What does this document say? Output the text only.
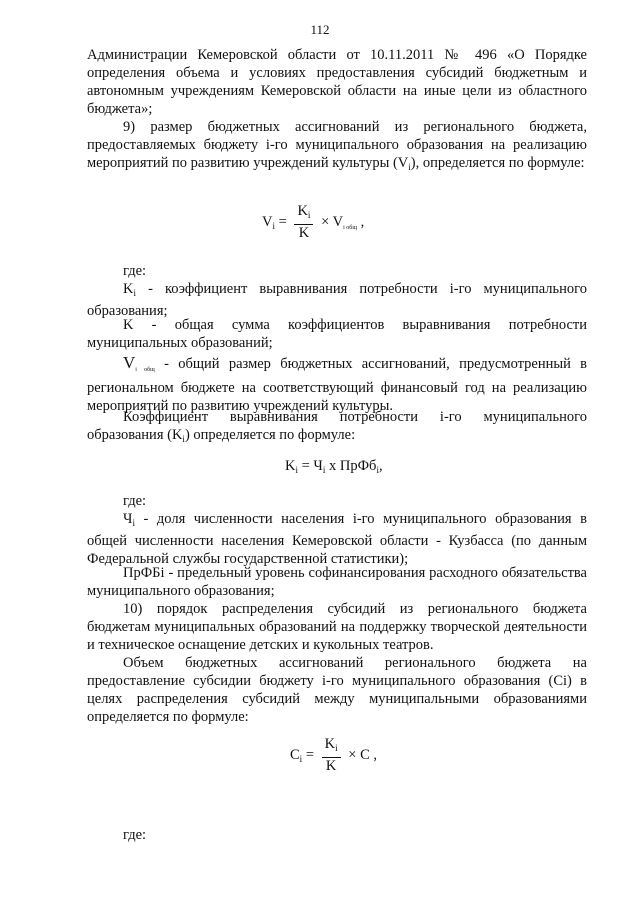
112

Администрации Кемеровской области от 10.11.2011 № 496 «О Порядке определения объема и условиях предоставления субсидий бюджетным и автономным учреждениям Кемеровской области на иные цели из областного бюджета»;

9) размер бюджетных ассигнований из регионального бюджета, предоставляемых бюджету i-го муниципального образования на реализацию мероприятий по развитию учреждений культуры $(V_i)$, определяется по формуле:

$V_i = \frac{K_i}{K} \times V_{i общ}$ ,
где:

$K_i$ - коэффициент выравнивания потребности i-го муниципального образования;

K - общая сумма коэффициентов выравнивания потребности муниципальных образований;

$V_{i общ}$ - общий размер бюджетных ассигнований, предусмотренный в региональном бюджете на соответствующий финансовый год на реализацию мероприятий по развитию учреждений культуры.

Коэффициент выравнивания потребности i-го муниципального образования $(K_i)$ определяется по формуле:

$K_i = Ч_i$ x ПрФб$_i$,
где:

$Ч_i$ - доля численности населения i-го муниципального образования в общей численности населения Кемеровской области - Кузбасса (по данным Федеральной службы государственной статистики);

ПрФБi - предельный уровень софинансирования расходного обязательства муниципального образования;

10) порядок распределения субсидий из регионального бюджета бюджетам муниципальных образований на поддержку творческой деятельности и техническое оснащение детских и кукольных театров.

Объем бюджетных ассигнований регионального бюджета на предоставление субсидии бюджету i-го муниципального образования (Ci) в целях распределения субсидий между муниципальными образованиями определяется по формуле:

$C_i = \frac{K_i}{K} \times C$ ,
где:
